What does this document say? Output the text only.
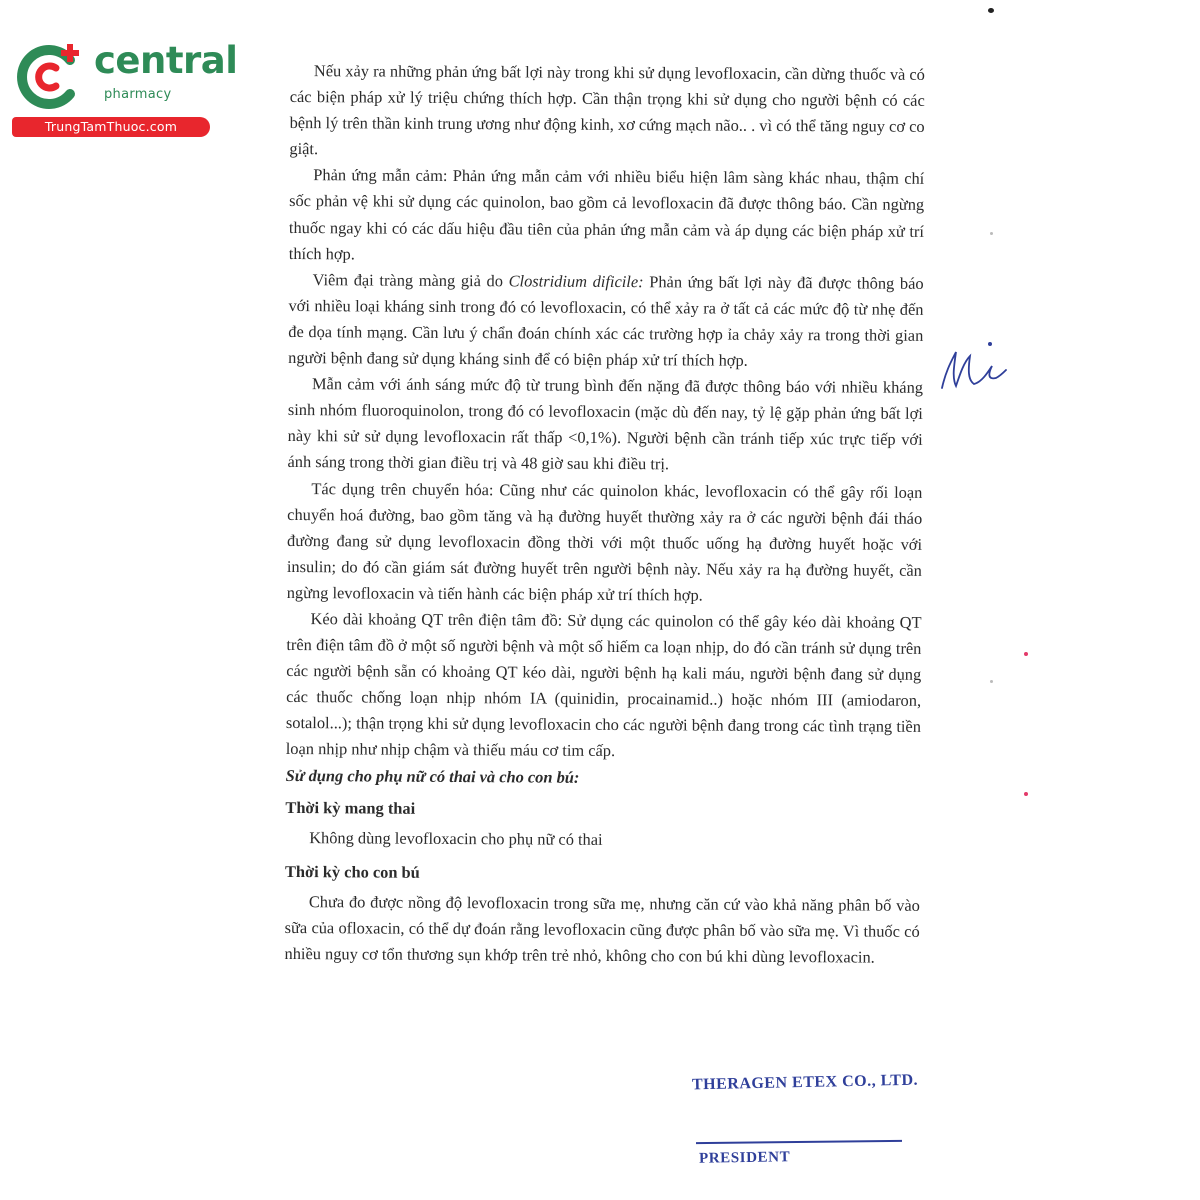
central
pharmacy
TrungTamThuoc.com

Nếu xảy ra những phản ứng bất lợi này trong khi sử dụng levofloxacin, cần dừng thuốc và có các biện pháp xử lý triệu chứng thích hợp. Cần thận trọng khi sử dụng cho người bệnh có các bệnh lý trên thần kinh trung ương như động kinh, xơ cứng mạch não.. . vì có thể tăng nguy cơ co giật.

Phản ứng mẫn cảm: Phản ứng mẫn cảm với nhiều biểu hiện lâm sàng khác nhau, thậm chí sốc phản vệ khi sử dụng các quinolon, bao gồm cả levofloxacin đã được thông báo. Cần ngừng thuốc ngay khi có các dấu hiệu đầu tiên của phản ứng mẫn cảm và áp dụng các biện pháp xử trí thích hợp.

Viêm đại tràng màng giả do Clostridium dificile: Phản ứng bất lợi này đã được thông báo với nhiều loại kháng sinh trong đó có levofloxacin, có thể xảy ra ở tất cả các mức độ từ nhẹ đến đe dọa tính mạng. Cần lưu ý chẩn đoán chính xác các trường hợp ỉa chảy xảy ra trong thời gian người bệnh đang sử dụng kháng sinh để có biện pháp xử trí thích hợp.

Mẫn cảm với ánh sáng mức độ từ trung bình đến nặng đã được thông báo với nhiều kháng sinh nhóm fluoroquinolon, trong đó có levofloxacin (mặc dù đến nay, tỷ lệ gặp phản ứng bất lợi này khi sử sử dụng levofloxacin rất thấp <0,1%). Người bệnh cần tránh tiếp xúc trực tiếp với ánh sáng trong thời gian điều trị và 48 giờ sau khi điều trị.

Tác dụng trên chuyển hóa: Cũng như các quinolon khác, levofloxacin có thể gây rối loạn chuyển hoá đường, bao gồm tăng và hạ đường huyết thường xảy ra ở các người bệnh đái tháo đường đang sử dụng levofloxacin đồng thời với một thuốc uống hạ đường huyết hoặc với insulin; do đó cần giám sát đường huyết trên người bệnh này. Nếu xảy ra hạ đường huyết, cần ngừng levofloxacin và tiến hành các biện pháp xử trí thích hợp.

Kéo dài khoảng QT trên điện tâm đồ: Sử dụng các quinolon có thể gây kéo dài khoảng QT trên điện tâm đồ ở một số người bệnh và một số hiếm ca loạn nhịp, do đó cần tránh sử dụng trên các người bệnh sẵn có khoảng QT kéo dài, người bệnh hạ kali máu, người bệnh đang sử dụng các thuốc chống loạn nhịp nhóm IA (quinidin, procainamid..) hoặc nhóm III (amiodaron, sotalol...); thận trọng khi sử dụng levofloxacin cho các người bệnh đang trong các tình trạng tiền loạn nhịp như nhịp chậm và thiếu máu cơ tim cấp.

Sử dụng cho phụ nữ có thai và cho con bú:

Thời kỳ mang thai

Không dùng levofloxacin cho phụ nữ có thai

Thời kỳ cho con bú

Chưa đo được nồng độ levofloxacin trong sữa mẹ, nhưng căn cứ vào khả năng phân bố vào sữa của ofloxacin, có thể dự đoán rằng levofloxacin cũng được phân bố vào sữa mẹ. Vì thuốc có nhiều nguy cơ tổn thương sụn khớp trên trẻ nhỏ, không cho con bú khi dùng levofloxacin.

THERAGEN ETEX CO., LTD.
PRESIDENT
